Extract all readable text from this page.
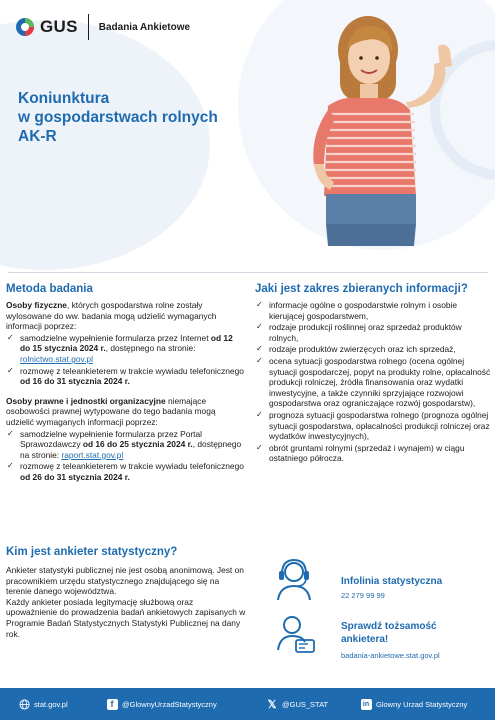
GUS Badania Ankietowe
Koniunktura
w gospodarstwach rolnych
AK-R
Metoda badania

Osoby fizyczne, których gospodarstwa rolne zostały wylosowane do ww. badania mogą udzielić wymaganych informacji poprzez:

✓ samodzielne wypełnienie formularza przez Internet od 12 do 15 stycznia 2024 r., dostępnego na stronie: rolnictwo.stat.gov.pl
✓ rozmowę z teleankieterem w trakcie wywiadu telefonicznego od 16 do 31 stycznia 2024 r.

Osoby prawne i jednostki organizacyjne niemające osobowości prawnej wytypowane do tego badania mogą udzielić wymaganych informacji poprzez:

✓ samodzielne wypełnienie formularza przez Portal Sprawozdawczy od 16 do 25 stycznia 2024 r., dostępnego na stronie: raport.stat.gov.pl
✓ rozmowę z teleankieterem w trakcie wywiadu telefonicznego od 26 do 31 stycznia 2024 r.
Jaki jest zakres zbieranych informacji?
✓ informacje ogólne o gospodarstwie rolnym i osobie kierującej gospodarstwem,
✓ rodzaje produkcji roślinnej oraz sprzedaż produktów rolnych,
✓ rodzaje produktów zwierzęcych oraz ich sprzedaż,
✓ ocena sytuacji gospodarstwa rolnego (ocena ogólnej sytuacji gospodarczej, popyt na produkty rolne, opłacalność produkcji rolniczej, źródła finansowania oraz wydatki inwestycyjne, a także czynniki sprzyjające rozwojowi gospodarstwa oraz ograniczające rozwój gospodarstw),
✓ prognoza sytuacji gospodarstwa rolnego (prognoza ogólnej sytuacji gospodarstwa, opłacalności produkcji rolniczej oraz wydatków inwestycyjnych),
✓ obrót gruntami rolnymi (sprzedaż i wynajem) w ciągu ostatniego półrocza.
Kim jest ankieter statystyczny?

Ankieter statystyki publicznej nie jest osobą anonimową. Jest on pracownikiem urzędu statystycznego znajdującego się na terenie danego województwa.

Każdy ankieter posiada legitymację służbową oraz upoważnienie do prowadzenia badań ankietowych zapisanych w Programie Badań Statystycznych Statystyki Publicznej na dany rok.

Infolinia statystyczna
22 279 99 99
Sprawdź tożsamość
ankietera!
badania-ankietowe.stat.gov.pl
stat.gov.pl	f	@GlownyUrzadStatystyczny	𝕏 @GUS_STAT	in Glowny Urzad Statystyczny
